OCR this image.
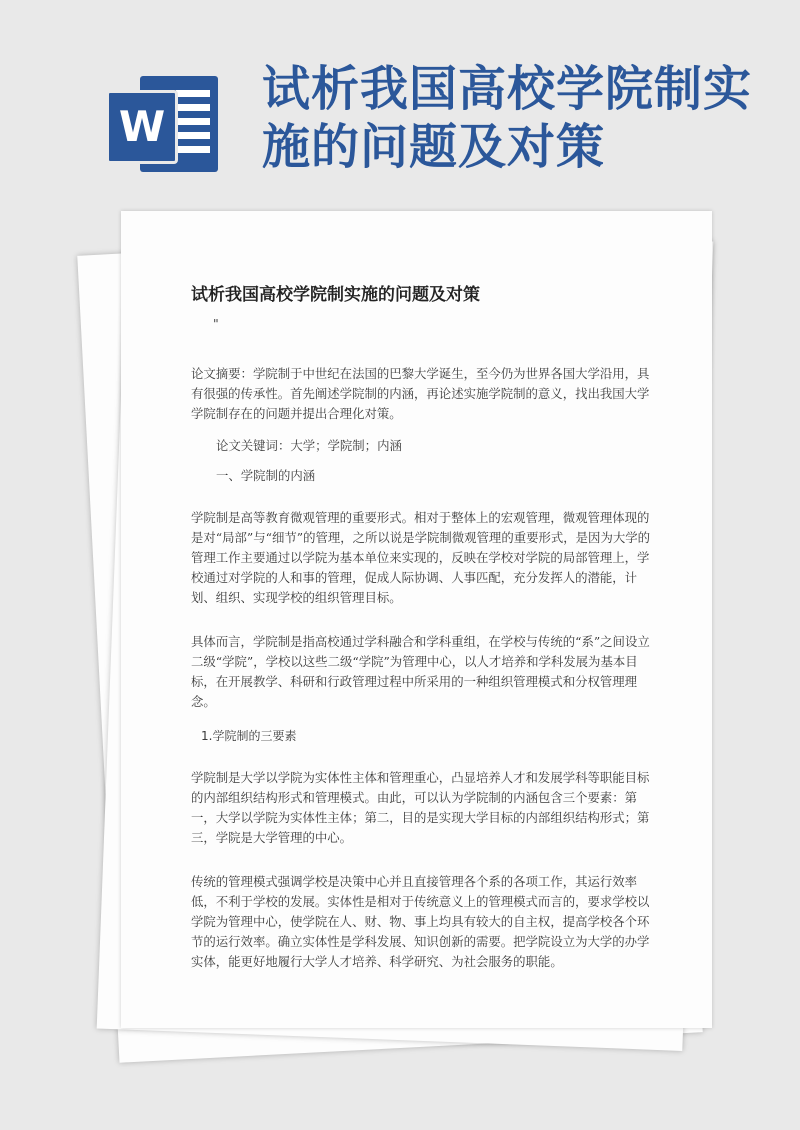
W
试析我国高校学院制实施的问题及对策
试析我国高校学院制实施的问题及对策
"

论文摘要：学院制于中世纪在法国的巴黎大学诞生，至今仍为世界各国大学沿用，具有很强的传承性。首先阐述学院制的内涵，再论述实施学院制的意义，找出我国大学学院制存在的问题并提出合理化对策。

论文关键词：大学；学院制；内涵

一、学院制的内涵

学院制是高等教育微观管理的重要形式。相对于整体上的宏观管理，微观管理体现的是对“局部”与“细节”的管理，之所以说是学院制微观管理的重要形式，是因为大学的管理工作主要通过以学院为基本单位来实现的，反映在学校对学院的局部管理上，学校通过对学院的人和事的管理，促成人际协调、人事匹配，充分发挥人的潜能，计划、组织、实现学校的组织管理目标。

具体而言，学院制是指高校通过学科融合和学科重组，在学校与传统的“系”之间设立二级“学院”，学校以这些二级“学院”为管理中心，以人才培养和学科发展为基本目标，在开展教学、科研和行政管理过程中所采用的一种组织管理模式和分权管理理念。

1.学院制的三要素

学院制是大学以学院为实体性主体和管理重心，凸显培养人才和发展学科等职能目标的内部组织结构形式和管理模式。由此，可以认为学院制的内涵包含三个要素：第一，大学以学院为实体性主体；第二，目的是实现大学目标的内部组织结构形式；第三，学院是大学管理的中心。

传统的管理模式强调学校是决策中心并且直接管理各个系的各项工作，其运行效率低，不利于学校的发展。实体性是相对于传统意义上的管理模式而言的，要求学校以学院为管理中心，使学院在人、财、物、事上均具有较大的自主权，提高学校各个环节的运行效率。确立实体性是学科发展、知识创新的需要。把学院设立为大学的办学实体，能更好地履行大学人才培养、科学研究、为社会服务的职能。
